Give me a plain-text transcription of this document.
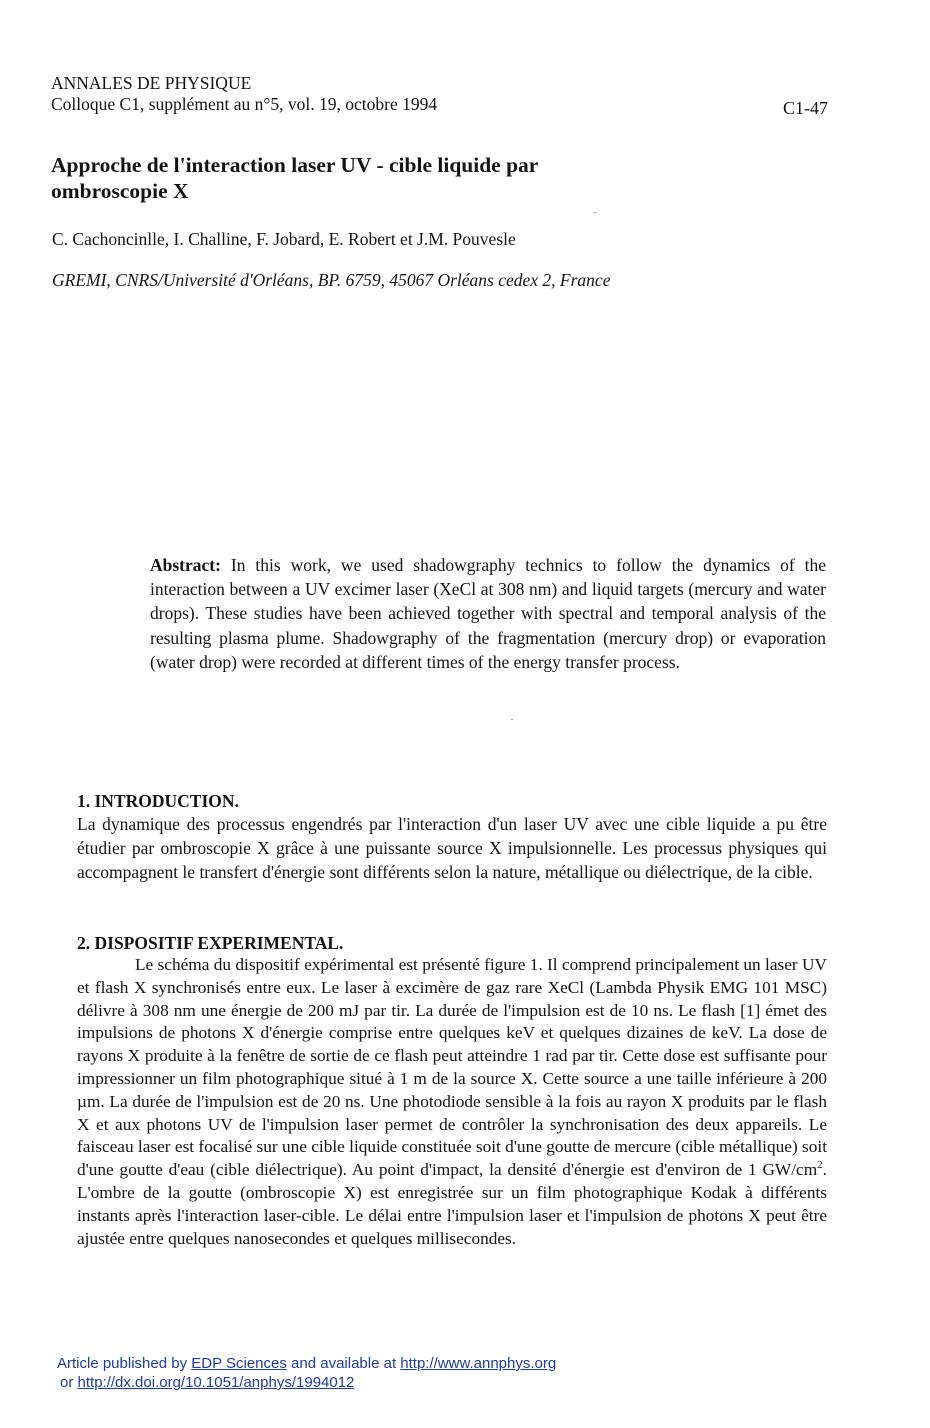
ANNALES DE PHYSIQUE
Colloque C1, supplément au n°5, vol. 19, octobre 1994	C1-47
Approche de l'interaction laser UV - cible liquide par
ombroscopie X
C. Cachoncinlle, I. Challine, F. Jobard, E. Robert et J.M. Pouvesle
GREMI, CNRS/Université d'Orléans, BP. 6759, 45067 Orléans cedex 2, France
Abstract: In this work, we used shadowgraphy technics to follow the dynamics of the interaction between a UV excimer laser (XeCl at 308 nm) and liquid targets (mercury and water drops). These studies have been achieved together with spectral and temporal analysis of the resulting plasma plume. Shadowgraphy of the fragmentation (mercury drop) or evaporation (water drop) were recorded at different times of the energy transfer process.
1. INTRODUCTION.
La dynamique des processus engendrés par l'interaction d'un laser UV avec une cible liquide a pu être étudier par ombroscopie X grâce à une puissante source X impulsionnelle. Les processus physiques qui accompagnent le transfert d'énergie sont différents selon la nature, métallique ou diélectrique, de la cible.
2. DISPOSITIF EXPERIMENTAL.
Le schéma du dispositif expérimental est présenté figure 1. Il comprend principalement un laser UV et flash X synchronisés entre eux. Le laser à excimère de gaz rare XeCl (Lambda Physik EMG 101 MSC) délivre à 308 nm une énergie de 200 mJ par tir. La durée de l'impulsion est de 10 ns. Le flash [1] émet des impulsions de photons X d'énergie comprise entre quelques keV et quelques dizaines de keV. La dose de rayons X produite à la fenêtre de sortie de ce flash peut atteindre 1 rad par tir. Cette dose est suffisante pour impressionner un film photographique situé à 1 m de la source X. Cette source a une taille inférieure à 200 µm. La durée de l'impulsion est de 20 ns. Une photodiode sensible à la fois au rayon X produits par le flash X et aux photons UV de l'impulsion laser permet de contrôler la synchronisation des deux appareils. Le faisceau laser est focalisé sur une cible liquide constituée soit d'une goutte de mercure (cible métallique) soit d'une goutte d'eau (cible diélectrique). Au point d'impact, la densité d'énergie est d'environ de 1 $GW/cm^2$. L'ombre de la goutte (ombroscopie X) est enregistrée sur un film photographique Kodak à différents instants après l'interaction laser-cible. Le délai entre l'impulsion laser et l'impulsion de photons X peut être ajustée entre quelques nanosecondes et quelques millisecondes.
Article published by EDP Sciences and available at http://www.annphys.org
or http://dx.doi.org/10.1051/anphys/1994012
